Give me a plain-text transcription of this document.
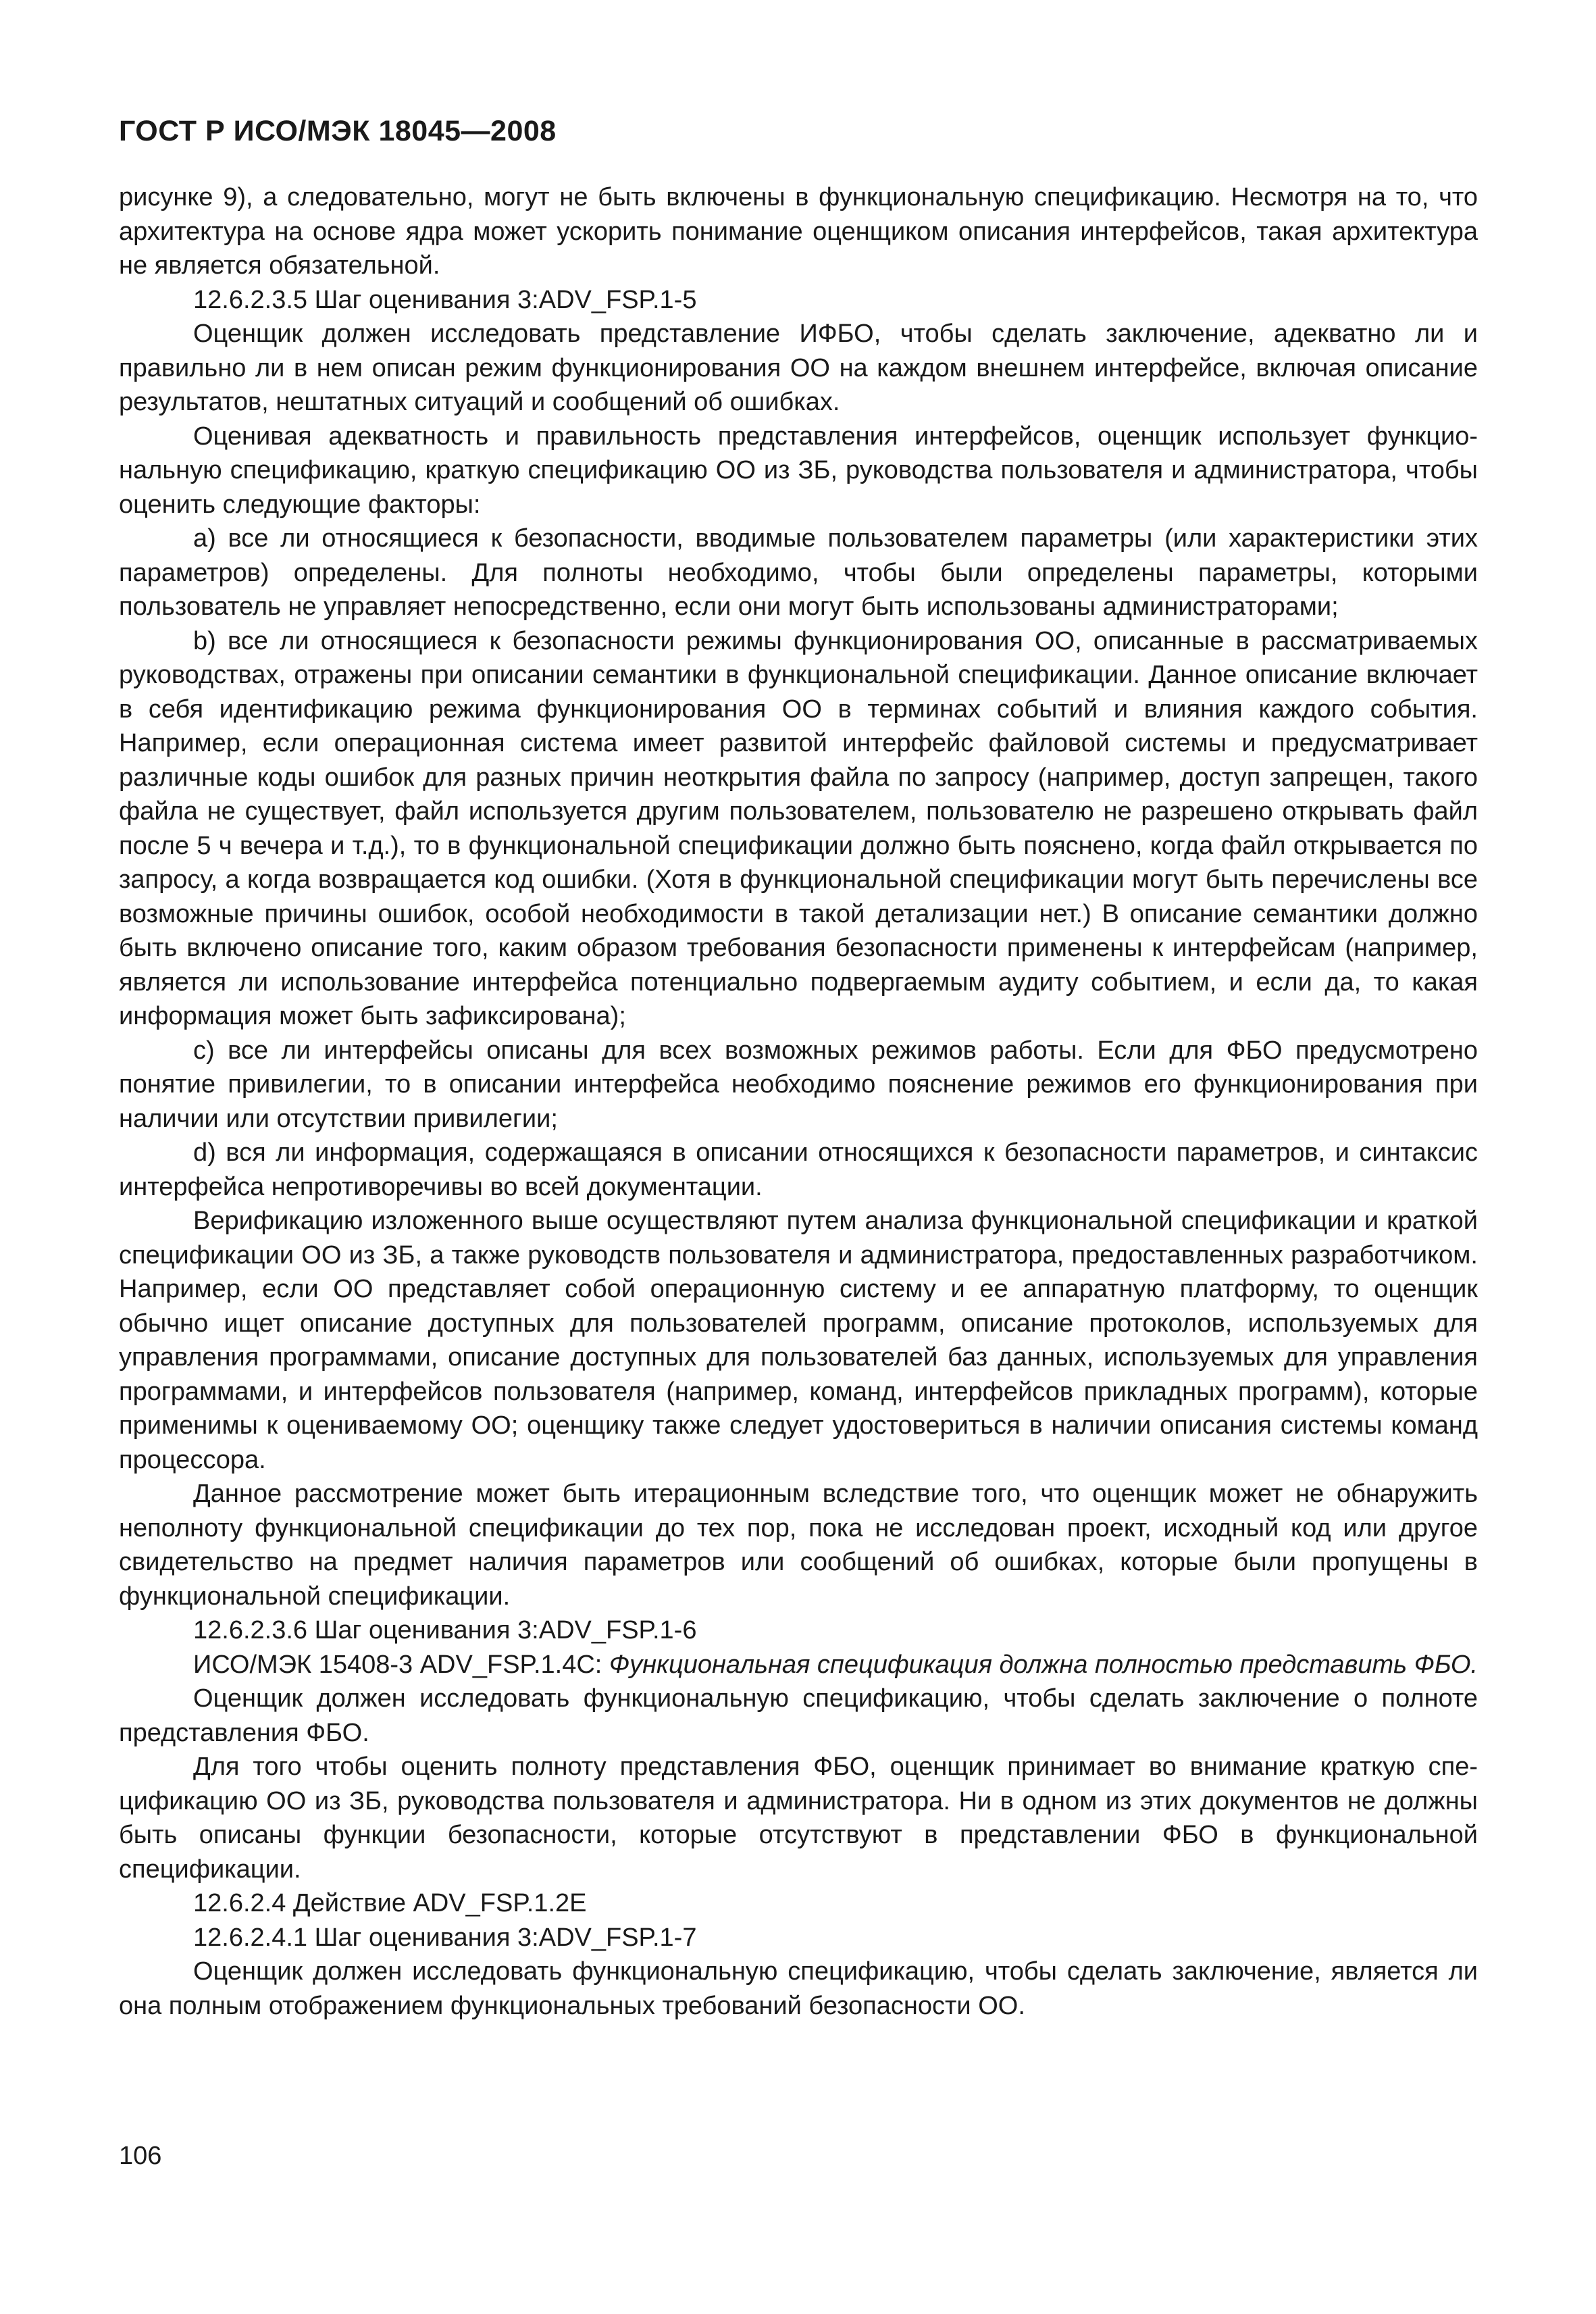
ГОСТ Р ИСО/МЭК 18045—2008

рисунке 9), а следовательно, могут не быть включены в функциональную спецификацию. Несмотря на то, что архитектура на основе ядра может ускорить понимание оценщиком описания интерфейсов, такая архитектура не является обязательной.

12.6.2.3.5 Шаг оценивания 3:ADV_FSP.1-5

Оценщик должен исследовать представление ИФБО, чтобы сделать заключение, адекватно ли и правильно ли в нем описан режим функционирования ОО на каждом внешнем интерфейсе, включая описание результатов, нештатных ситуаций и сообщений об ошибках.

Оценивая адекватность и правильность представления интерфейсов, оценщик использует функциональную спецификацию, краткую спецификацию ОО из ЗБ, руководства пользователя и администратора, чтобы оценить следующие факторы:

a) все ли относящиеся к безопасности, вводимые пользователем параметры (или характеристики этих параметров) определены. Для полноты необходимо, чтобы были определены параметры, которыми пользователь не управляет непосредственно, если они могут быть использованы администраторами;

b) все ли относящиеся к безопасности режимы функционирования ОО, описанные в рассматриваемых руководствах, отражены при описании семантики в функциональной спецификации. Данное описание включает в себя идентификацию режима функционирования ОО в терминах событий и влияния каждого события. Например, если операционная система имеет развитой интерфейс файловой системы и предусматривает различные коды ошибок для разных причин неоткрытия файла по запросу (например, доступ запрещен, такого файла не существует, файл используется другим пользователем, пользователю не разрешено открывать файл после 5 ч вечера и т.д.), то в функциональной спецификации должно быть пояснено, когда файл открывается по запросу, а когда возвращается код ошибки. (Хотя в функциональной спецификации могут быть перечислены все возможные причины ошибок, особой необходимости в такой детализации нет.) В описание семантики должно быть включено описание того, каким образом требования безопасности применены к интерфейсам (например, является ли использование интерфейса потенциально подвергаемым аудиту событием, и если да, то какая информация может быть зафиксирована);

c) все ли интерфейсы описаны для всех возможных режимов работы. Если для ФБО предусмотрено понятие привилегии, то в описании интерфейса необходимо пояснение режимов его функционирования при наличии или отсутствии привилегии;

d) вся ли информация, содержащаяся в описании относящихся к безопасности параметров, и синтаксис интерфейса непротиворечивы во всей документации.

Верификацию изложенного выше осуществляют путем анализа функциональной спецификации и краткой спецификации ОО из ЗБ, а также руководств пользователя и администратора, предоставленных разработчиком. Например, если ОО представляет собой операционную систему и ее аппаратную платформу, то оценщик обычно ищет описание доступных для пользователей программ, описание протоколов, используемых для управления программами, описание доступных для пользователей баз данных, используемых для управления программами, и интерфейсов пользователя (например, команд, интерфейсов прикладных программ), которые применимы к оцениваемому ОО; оценщику также следует удостовериться в наличии описания системы команд процессора.

Данное рассмотрение может быть итерационным вследствие того, что оценщик может не обнаружить неполноту функциональной спецификации до тех пор, пока не исследован проект, исходный код или другое свидетельство на предмет наличия параметров или сообщений об ошибках, которые были пропущены в функциональной спецификации.

12.6.2.3.6 Шаг оценивания 3:ADV_FSP.1-6

ИСО/МЭК 15408-3 ADV_FSP.1.4C: Функциональная спецификация должна полностью представить ФБО.

Оценщик должен исследовать функциональную спецификацию, чтобы сделать заключение о полноте представления ФБО.

Для того чтобы оценить полноту представления ФБО, оценщик принимает во внимание краткую спецификацию ОО из ЗБ, руководства пользователя и администратора. Ни в одном из этих документов не должны быть описаны функции безопасности, которые отсутствуют в представлении ФБО в функциональной спецификации.

12.6.2.4 Действие ADV_FSP.1.2E

12.6.2.4.1 Шаг оценивания 3:ADV_FSP.1-7

Оценщик должен исследовать функциональную спецификацию, чтобы сделать заключение, является ли она полным отображением функциональных требований безопасности ОО.

106
